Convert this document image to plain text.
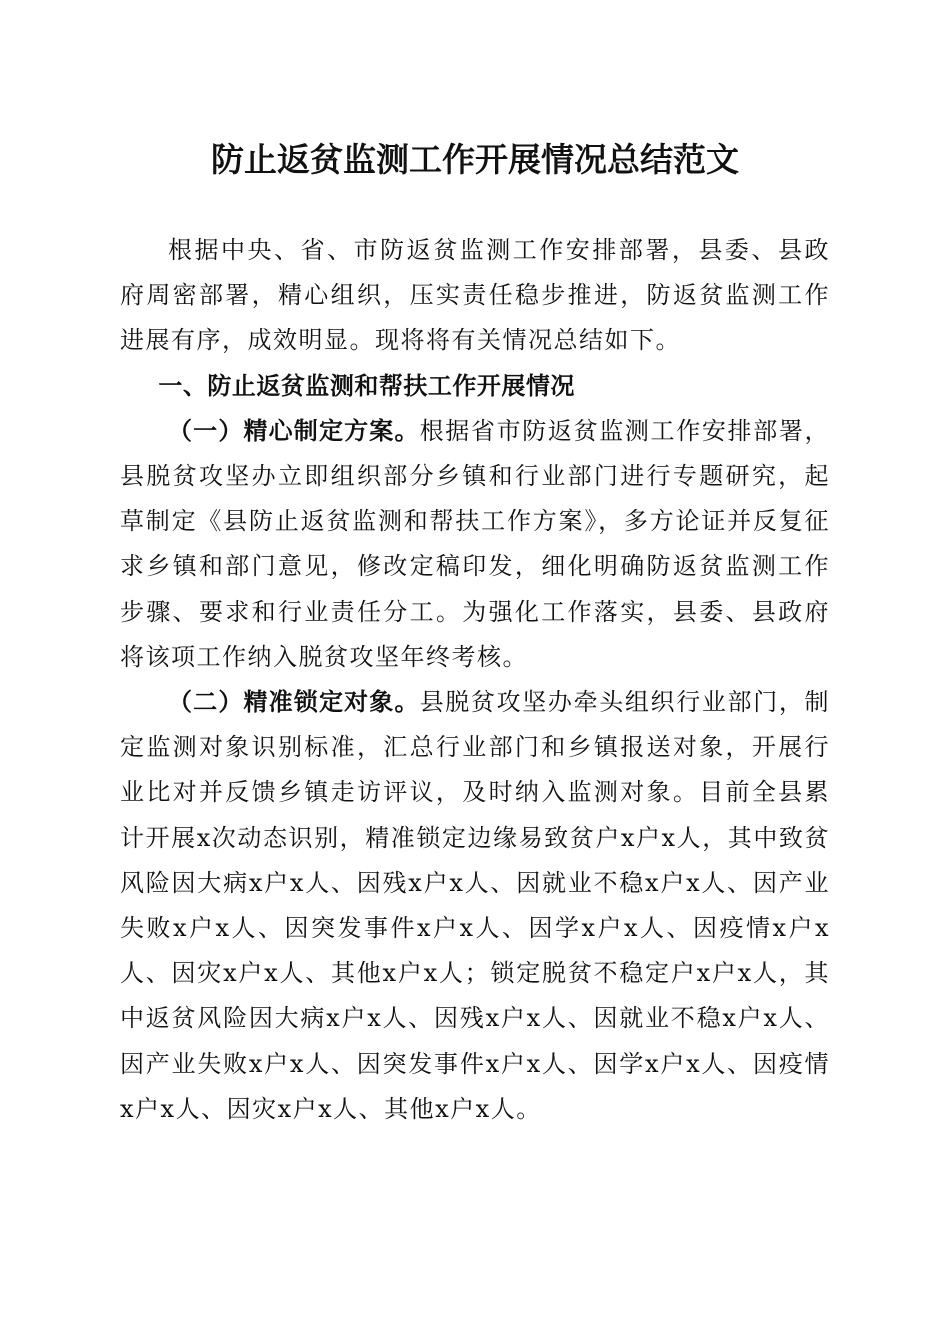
防止返贫监测工作开展情况总结范文

根据中央、省、市防返贫监测工作安排部署，县委、县政府周密部署，精心组织，压实责任稳步推进，防返贫监测工作进展有序，成效明显。现将将有关情况总结如下。

一、防止返贫监测和帮扶工作开展情况

（一）精心制定方案。根据省市防返贫监测工作安排部署，县脱贫攻坚办立即组织部分乡镇和行业部门进行专题研究，起草制定《县防止返贫监测和帮扶工作方案》，多方论证并反复征求乡镇和部门意见，修改定稿印发，细化明确防返贫监测工作步骤、要求和行业责任分工。为强化工作落实，县委、县政府将该项工作纳入脱贫攻坚年终考核。

（二）精准锁定对象。县脱贫攻坚办牵头组织行业部门，制定监测对象识别标准，汇总行业部门和乡镇报送对象，开展行业比对并反馈乡镇走访评议，及时纳入监测对象。目前全县累计开展x次动态识别，精准锁定边缘易致贫户x户x人，其中致贫风险因大病x户x人、因残x户x人、因就业不稳x户x人、因产业失败x户x人、因突发事件x户x人、因学x户x人、因疫情x户x人、因灾x户x人、其他x户x人；锁定脱贫不稳定户x户x人，其中返贫风险因大病x户x人、因残x户x人、因就业不稳x户x人、因产业失败x户x人、因突发事件x户x人、因学x户x人、因疫情x户x人、因灾x户x人、其他x户x人。
